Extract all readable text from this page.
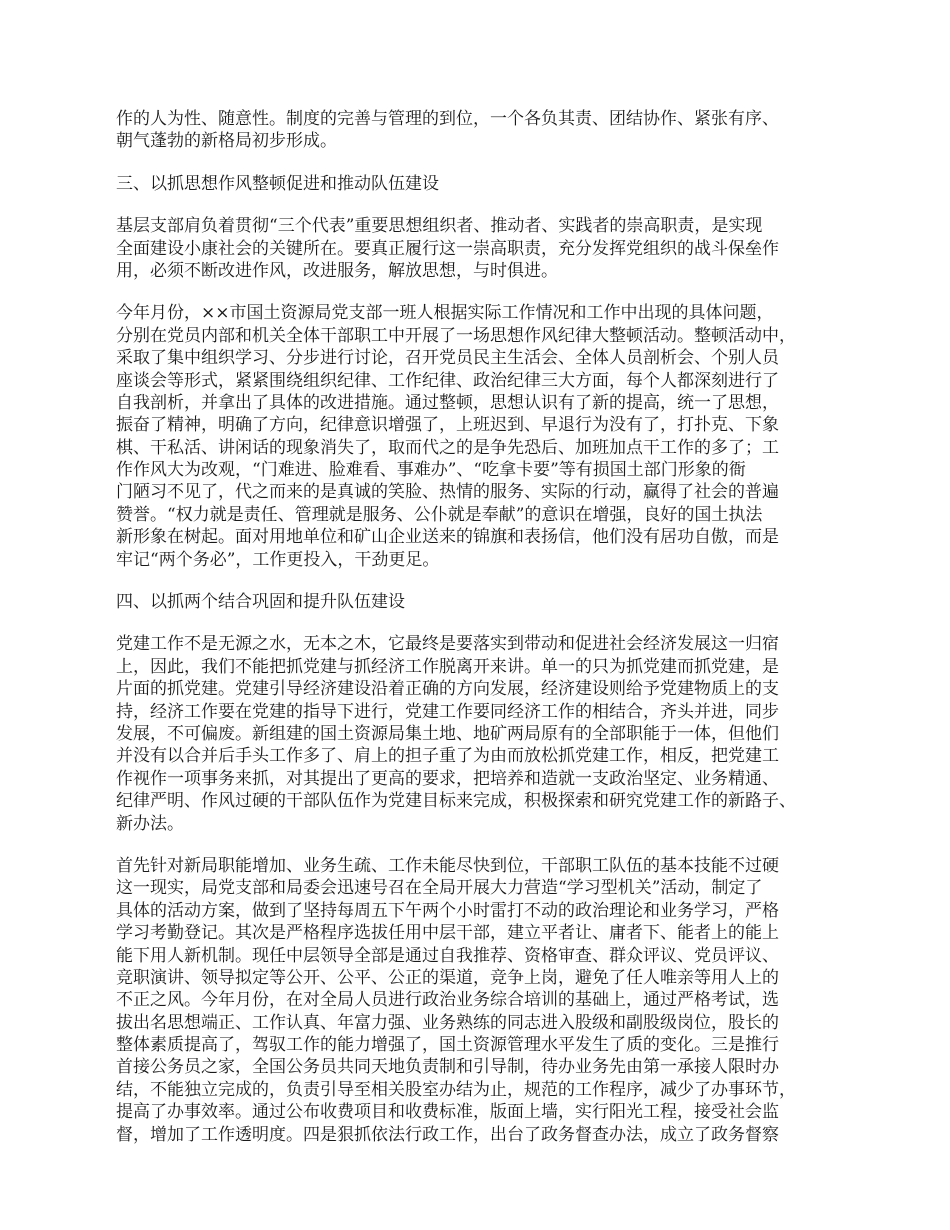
作的人为性、随意性。制度的完善与管理的到位，一个各负其责、团结协作、紧张有序、
朝气蓬勃的新格局初步形成。

三、以抓思想作风整顿促进和推动队伍建设

基层支部肩负着贯彻“三个代表”重要思想组织者、推动者、实践者的崇高职责，是实现
全面建设小康社会的关键所在。要真正履行这一崇高职责，充分发挥党组织的战斗保垒作
用，必须不断改进作风，改进服务，解放思想，与时俱进。

今年月份，××市国土资源局党支部一班人根据实际工作情况和工作中出现的具体问题，
分别在党员内部和机关全体干部职工中开展了一场思想作风纪律大整顿活动。整顿活动中，
采取了集中组织学习、分步进行讨论，召开党员民主生活会、全体人员剖析会、个别人员
座谈会等形式，紧紧围绕组织纪律、工作纪律、政治纪律三大方面，每个人都深刻进行了
自我剖析，并拿出了具体的改进措施。通过整顿，思想认识有了新的提高，统一了思想，
振奋了精神，明确了方向，纪律意识增强了，上班迟到、早退行为没有了，打扑克、下象
棋、干私活、讲闲话的现象消失了，取而代之的是争先恐后、加班加点干工作的多了；工
作作风大为改观，“门难进、脸难看、事难办”、“吃拿卡要”等有损国土部门形象的衙
门陋习不见了，代之而来的是真诚的笑脸、热情的服务、实际的行动，赢得了社会的普遍
赞誉。“权力就是责任、管理就是服务、公仆就是奉献”的意识在增强，良好的国土执法
新形象在树起。面对用地单位和矿山企业送来的锦旗和表扬信，他们没有居功自傲，而是
牢记“两个务必”，工作更投入，干劲更足。

四、以抓两个结合巩固和提升队伍建设

党建工作不是无源之水，无本之木，它最终是要落实到带动和促进社会经济发展这一归宿
上，因此，我们不能把抓党建与抓经济工作脱离开来讲。单一的只为抓党建而抓党建，是
片面的抓党建。党建引导经济建设沿着正确的方向发展，经济建设则给予党建物质上的支
持，经济工作要在党建的指导下进行，党建工作要同经济工作的相结合，齐头并进，同步
发展，不可偏废。新组建的国土资源局集土地、地矿两局原有的全部职能于一体，但他们
并没有以合并后手头工作多了、肩上的担子重了为由而放松抓党建工作，相反，把党建工
作视作一项事务来抓，对其提出了更高的要求，把培养和造就一支政治坚定、业务精通、
纪律严明、作风过硬的干部队伍作为党建目标来完成，积极探索和研究党建工作的新路子、
新办法。

首先针对新局职能增加、业务生疏、工作未能尽快到位，干部职工队伍的基本技能不过硬
这一现实，局党支部和局委会迅速号召在全局开展大力营造“学习型机关”活动，制定了
具体的活动方案，做到了坚持每周五下午两个小时雷打不动的政治理论和业务学习，严格
学习考勤登记。其次是严格程序选拔任用中层干部，建立平者让、庸者下、能者上的能上
能下用人新机制。现任中层领导全部是通过自我推荐、资格审查、群众评议、党员评议、
竞职演讲、领导拟定等公开、公平、公正的渠道，竞争上岗，避免了任人唯亲等用人上的
不正之风。今年月份，在对全局人员进行政治业务综合培训的基础上，通过严格考试，选
拔出名思想端正、工作认真、年富力强、业务熟练的同志进入股级和副股级岗位，股长的
整体素质提高了，驾驭工作的能力增强了，国土资源管理水平发生了质的变化。三是推行
首接公务员之家，全国公务员共同天地负责制和引导制，待办业务先由第一承接人限时办
结，不能独立完成的，负责引导至相关股室办结为止，规范的工作程序，减少了办事环节，
提高了办事效率。通过公布收费项目和收费标准，版面上墙，实行阳光工程，接受社会监
督，增加了工作透明度。四是狠抓依法行政工作，出台了政务督查办法，成立了政务督察
